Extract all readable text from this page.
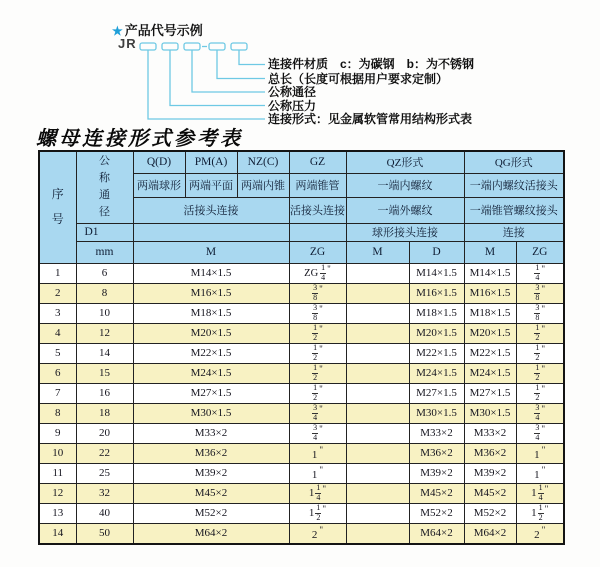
★ 产品代号示例
JR
连接件材质　c：为碳钢　b：为不锈钢
总长（长度可根据用户要求定制）
公称通径
公称压力
连接形式：见金属软管常用结构形式表
螺母连接形式参考表
序号	公称通径	Q(D)	PM(A)	NZ(C)	GZ	QZ形式		QG形式	
		两端球形	两端平面	两端内锥	两端锥管	一端内螺纹		一端内螺纹活接头	
		活接头连接			活接头连接	一端外螺纹		一端锥管螺纹接头	
	D1					球形接头连接		连接	
	mm	M			ZG	M	D	M	ZG
1	6	M14×1.5			ZG $\frac{1}{4} ^"$		M14×1.5	M14×1.5	$\frac{1}{4} ^"$
2	8	M16×1.5			$\frac{3}{8} ^"$		M16×1.5	M16×1.5	$\frac{3}{8} ^"$
3	10	M18×1.5			$\frac{3}{8} ^"$		M18×1.5	M18×1.5	$\frac{3}{8} ^"$
4	12	M20×1.5			$\frac{1}{2} ^"$		M20×1.5	M20×1.5	$\frac{1}{2} ^"$
5	14	M22×1.5			$\frac{1}{2} ^"$		M22×1.5	M22×1.5	$\frac{1}{2} ^"$
6	15	M24×1.5			$\frac{1}{2} ^"$		M24×1.5	M24×1.5	$\frac{1}{2} ^"$
7	16	M27×1.5			$\frac{1}{2} ^"$		M27×1.5	M27×1.5	$\frac{1}{2} ^"$
8	18	M30×1.5			$\frac{3}{4} ^"$		M30×1.5	M30×1.5	$\frac{3}{4} ^"$
9	20	M33×2			$\frac{3}{4} ^"$		M33×2	M33×2	$\frac{3}{4} ^"$
10	22	M36×2			1 "		M36×2	M36×2	1 "
11	25	M39×2			1 "		M39×2	M39×2	1 "
12	32	M45×2			$1 \frac{1}{4} ^"$		M45×2	M45×2	$1 \frac{1}{4} ^"$
13	40	M52×2			$1 \frac{1}{2} ^"$		M52×2	M52×2	$1 \frac{1}{2} ^"$
14	50	M64×2			2 "		M64×2	M64×2	2 "
